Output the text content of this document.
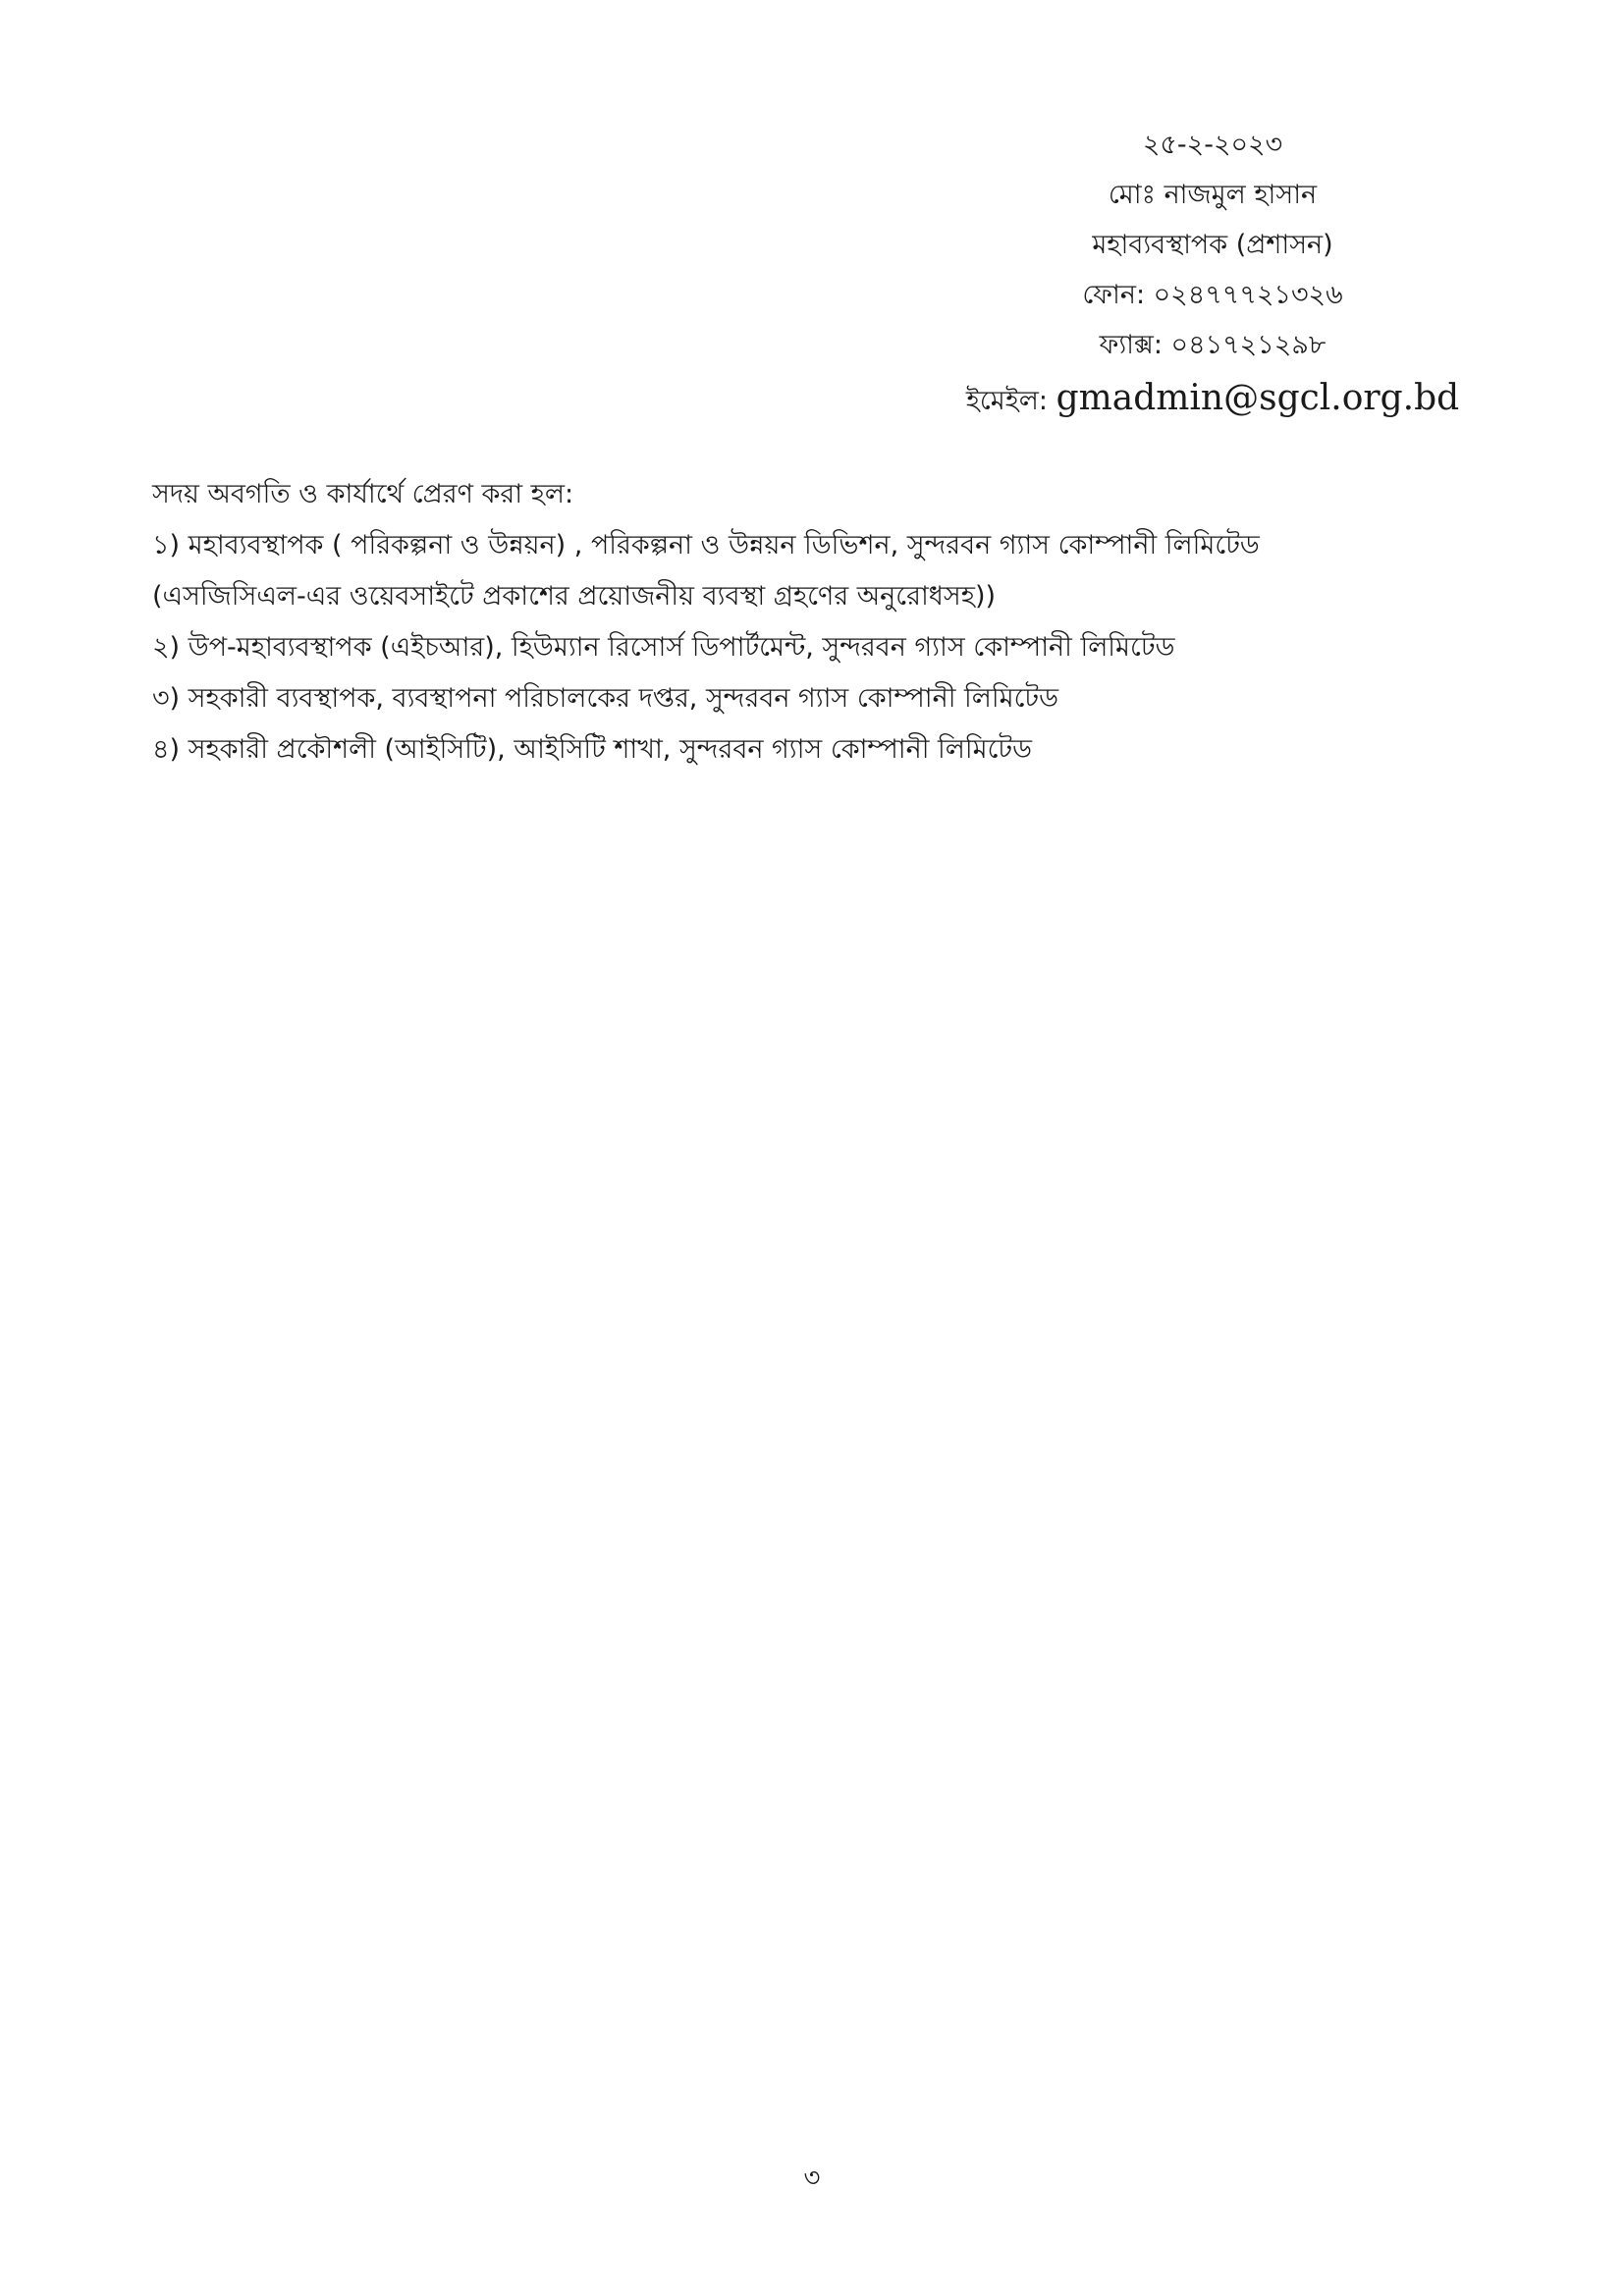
২৫-২-২০২৩
মোঃ নাজমুল হাসান
মহাব্যবস্থাপক (প্রশাসন)
ফোন: ০২৪৭৭৭২১৩২৬
ফ্যাক্স: ০৪১৭২১২৯৮
ইমেইল: gmadmin@sgcl.org.bd
সদয় অবগতি ও কার্যার্থে প্রেরণ করা হল:
১) মহাব্যবস্থাপক ( পরিকল্পনা ও উন্নয়ন) , পরিকল্পনা ও উন্নয়ন ডিভিশন, সুন্দরবন গ্যাস কোম্পানী লিমিটেড
(এসজিসিএল-এর ওয়েবসাইটে প্রকাশের প্রয়োজনীয় ব্যবস্থা গ্রহণের অনুরোধসহ))
২) উপ-মহাব্যবস্থাপক (এইচআর), হিউম্যান রিসোর্স ডিপার্টমেন্ট, সুন্দরবন গ্যাস কোম্পানী লিমিটেড
৩) সহকারী ব্যবস্থাপক, ব্যবস্থাপনা পরিচালকের দপ্তর, সুন্দরবন গ্যাস কোম্পানী লিমিটেড
৪) সহকারী প্রকৌশলী (আইসিটি), আইসিটি শাখা, সুন্দরবন গ্যাস কোম্পানী লিমিটেড
৩
